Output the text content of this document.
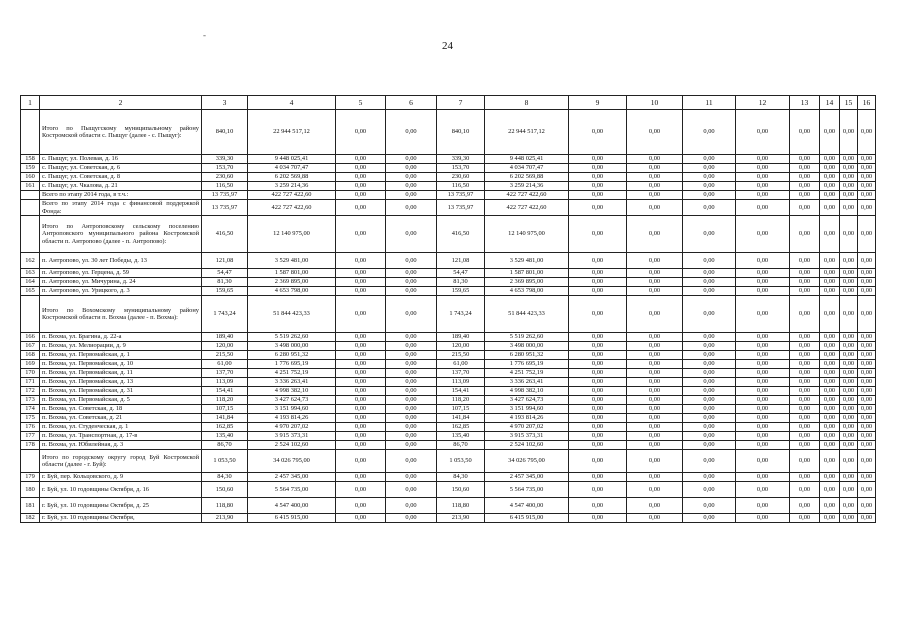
24
-
1	2	3	4	5	6	7	8	9	10	11	12	13	14	15	16
	Итого по Пыщугскому муниципальному району Костромской области с. Пыщуг (далее - с. Пыщуг):	840,10	22 944 517,12	0,00	0,00	840,10	22 944 517,12	0,00	0,00	0,00	0,00	0,00	0,00	0,00	0,00
158	с. Пыщуг, ул. Полевая, д. 16	339,30	9 448 025,41	0,00	0,00	339,30	9 448 025,41	0,00	0,00	0,00	0,00	0,00	0,00	0,00	0,00
159	с. Пыщуг, ул. Советская, д. 6	153,70	4 034 707,47	0,00	0,00	153,70	4 034 707,47	0,00	0,00	0,00	0,00	0,00	0,00	0,00	0,00
160	с. Пыщуг, ул. Советская, д. 8	230,60	6 202 569,88	0,00	0,00	230,60	6 202 569,88	0,00	0,00	0,00	0,00	0,00	0,00	0,00	0,00
161	с. Пыщуг, ул. Чкалова, д. 21	116,50	3 259 214,36	0,00	0,00	116,50	3 259 214,36	0,00	0,00	0,00	0,00	0,00	0,00	0,00	0,00
	Всего по этапу 2014 года, в т.ч.:	13 735,97	422 727 422,60	0,00	0,00	13 735,97	422 727 422,60	0,00	0,00	0,00	0,00	0,00	0,00	0,00	0,00
	Всего по этапу 2014 года с финансовой поддержкой Фонда:	13 735,97	422 727 422,60	0,00	0,00	13 735,97	422 727 422,60	0,00	0,00	0,00	0,00	0,00	0,00	0,00	0,00
	Итого по Антроповскому сельскому поселению Антроповского муниципального района Костромской области п. Антропово (далее - п. Антропово):	416,50	12 140 975,00	0,00	0,00	416,50	12 140 975,00	0,00	0,00	0,00	0,00	0,00	0,00	0,00	0,00
162	п. Антропово, ул. 30 лет Победы, д. 13	121,08	3 529 481,00	0,00	0,00	121,08	3 529 481,00	0,00	0,00	0,00	0,00	0,00	0,00	0,00	0,00
163	п. Антропово, ул. Герцена, д. 59	54,47	1 587 801,00	0,00	0,00	54,47	1 587 801,00	0,00	0,00	0,00	0,00	0,00	0,00	0,00	0,00
164	п. Антропово, ул. Мичурина, д. 24	81,30	2 369 895,00	0,00	0,00	81,30	2 369 895,00	0,00	0,00	0,00	0,00	0,00	0,00	0,00	0,00
165	п. Антропово, ул. Урицкого, д. 3	159,65	4 653 798,00	0,00	0,00	159,65	4 653 798,00	0,00	0,00	0,00	0,00	0,00	0,00	0,00	0,00
	Итого по Вохомскому муниципальному району Костромской области п. Вохма (далее - п. Вохма):	1 743,24	51 844 423,33	0,00	0,00	1 743,24	51 844 423,33	0,00	0,00	0,00	0,00	0,00	0,00	0,00	0,00
166	п. Вохма, ул. Брагина, д. 22-а	189,40	5 519 262,60	0,00	0,00	189,40	5 519 262,60	0,00	0,00	0,00	0,00	0,00	0,00	0,00	0,00
167	п. Вохма, ул. Мелиорации, д. 9	120,00	3 498 000,00	0,00	0,00	120,00	3 498 000,00	0,00	0,00	0,00	0,00	0,00	0,00	0,00	0,00
168	п. Вохма, ул. Первомайская, д. 1	215,50	6 280 951,32	0,00	0,00	215,50	6 280 951,32	0,00	0,00	0,00	0,00	0,00	0,00	0,00	0,00
169	п. Вохма, ул. Первомайская, д. 10	61,00	1 776 695,19	0,00	0,00	61,00	1 776 695,19	0,00	0,00	0,00	0,00	0,00	0,00	0,00	0,00
170	п. Вохма, ул. Первомайская, д. 11	137,70	4 251 752,19	0,00	0,00	137,70	4 251 752,19	0,00	0,00	0,00	0,00	0,00	0,00	0,00	0,00
171	п. Вохма, ул. Первомайская, д. 13	113,09	3 336 263,41	0,00	0,00	113,09	3 336 263,41	0,00	0,00	0,00	0,00	0,00	0,00	0,00	0,00
172	п. Вохма, ул. Первомайская, д. 31	154,41	4 998 382,10	0,00	0,00	154,41	4 998 382,10	0,00	0,00	0,00	0,00	0,00	0,00	0,00	0,00
173	п. Вохма, ул. Первомайская, д. 5	118,20	3 427 624,73	0,00	0,00	118,20	3 427 624,73	0,00	0,00	0,00	0,00	0,00	0,00	0,00	0,00
174	п. Вохма, ул. Советская, д. 18	107,15	3 151 994,60	0,00	0,00	107,15	3 151 994,60	0,00	0,00	0,00	0,00	0,00	0,00	0,00	0,00
175	п. Вохма, ул. Советская, д. 21	141,84	4 193 814,26	0,00	0,00	141,84	4 193 814,26	0,00	0,00	0,00	0,00	0,00	0,00	0,00	0,00
176	п. Вохма, ул. Студенческая, д. 1	162,85	4 970 207,02	0,00	0,00	162,85	4 970 207,02	0,00	0,00	0,00	0,00	0,00	0,00	0,00	0,00
177	п. Вохма, ул. Транспортная, д. 17-в	135,40	3 915 373,31	0,00	0,00	135,40	3 915 373,31	0,00	0,00	0,00	0,00	0,00	0,00	0,00	0,00
178	п. Вохма, ул. Юбилейная, д. 3	86,70	2 524 102,60	0,00	0,00	86,70	2 524 102,60	0,00	0,00	0,00	0,00	0,00	0,00	0,00	0,00
	Итого по городскому округу город Буй Костромской области (далее - г. Буй):	1 053,50	34 026 795,00	0,00	0,00	1 053,50	34 026 795,00	0,00	0,00	0,00	0,00	0,00	0,00	0,00	0,00
179	г. Буй, пер. Кольцовского, д. 9	84,30	2 457 345,00	0,00	0,00	84,30	2 457 345,00	0,00	0,00	0,00	0,00	0,00	0,00	0,00	0,00
180	г. Буй, ул. 10 годовщины Октября, д. 16	150,60	5 564 735,00	0,00	0,00	150,60	5 564 735,00	0,00	0,00	0,00	0,00	0,00	0,00	0,00	0,00
181	г. Буй, ул. 10 годовщины Октября, д. 25	118,80	4 547 400,00	0,00	0,00	118,80	4 547 400,00	0,00	0,00	0,00	0,00	0,00	0,00	0,00	0,00
182	г. Буй, ул. 10 годовщины Октября,	213,90	6 415 915,00	0,00	0,00	213,90	6 415 915,00	0,00	0,00	0,00	0,00	0,00	0,00	0,00	0,00
